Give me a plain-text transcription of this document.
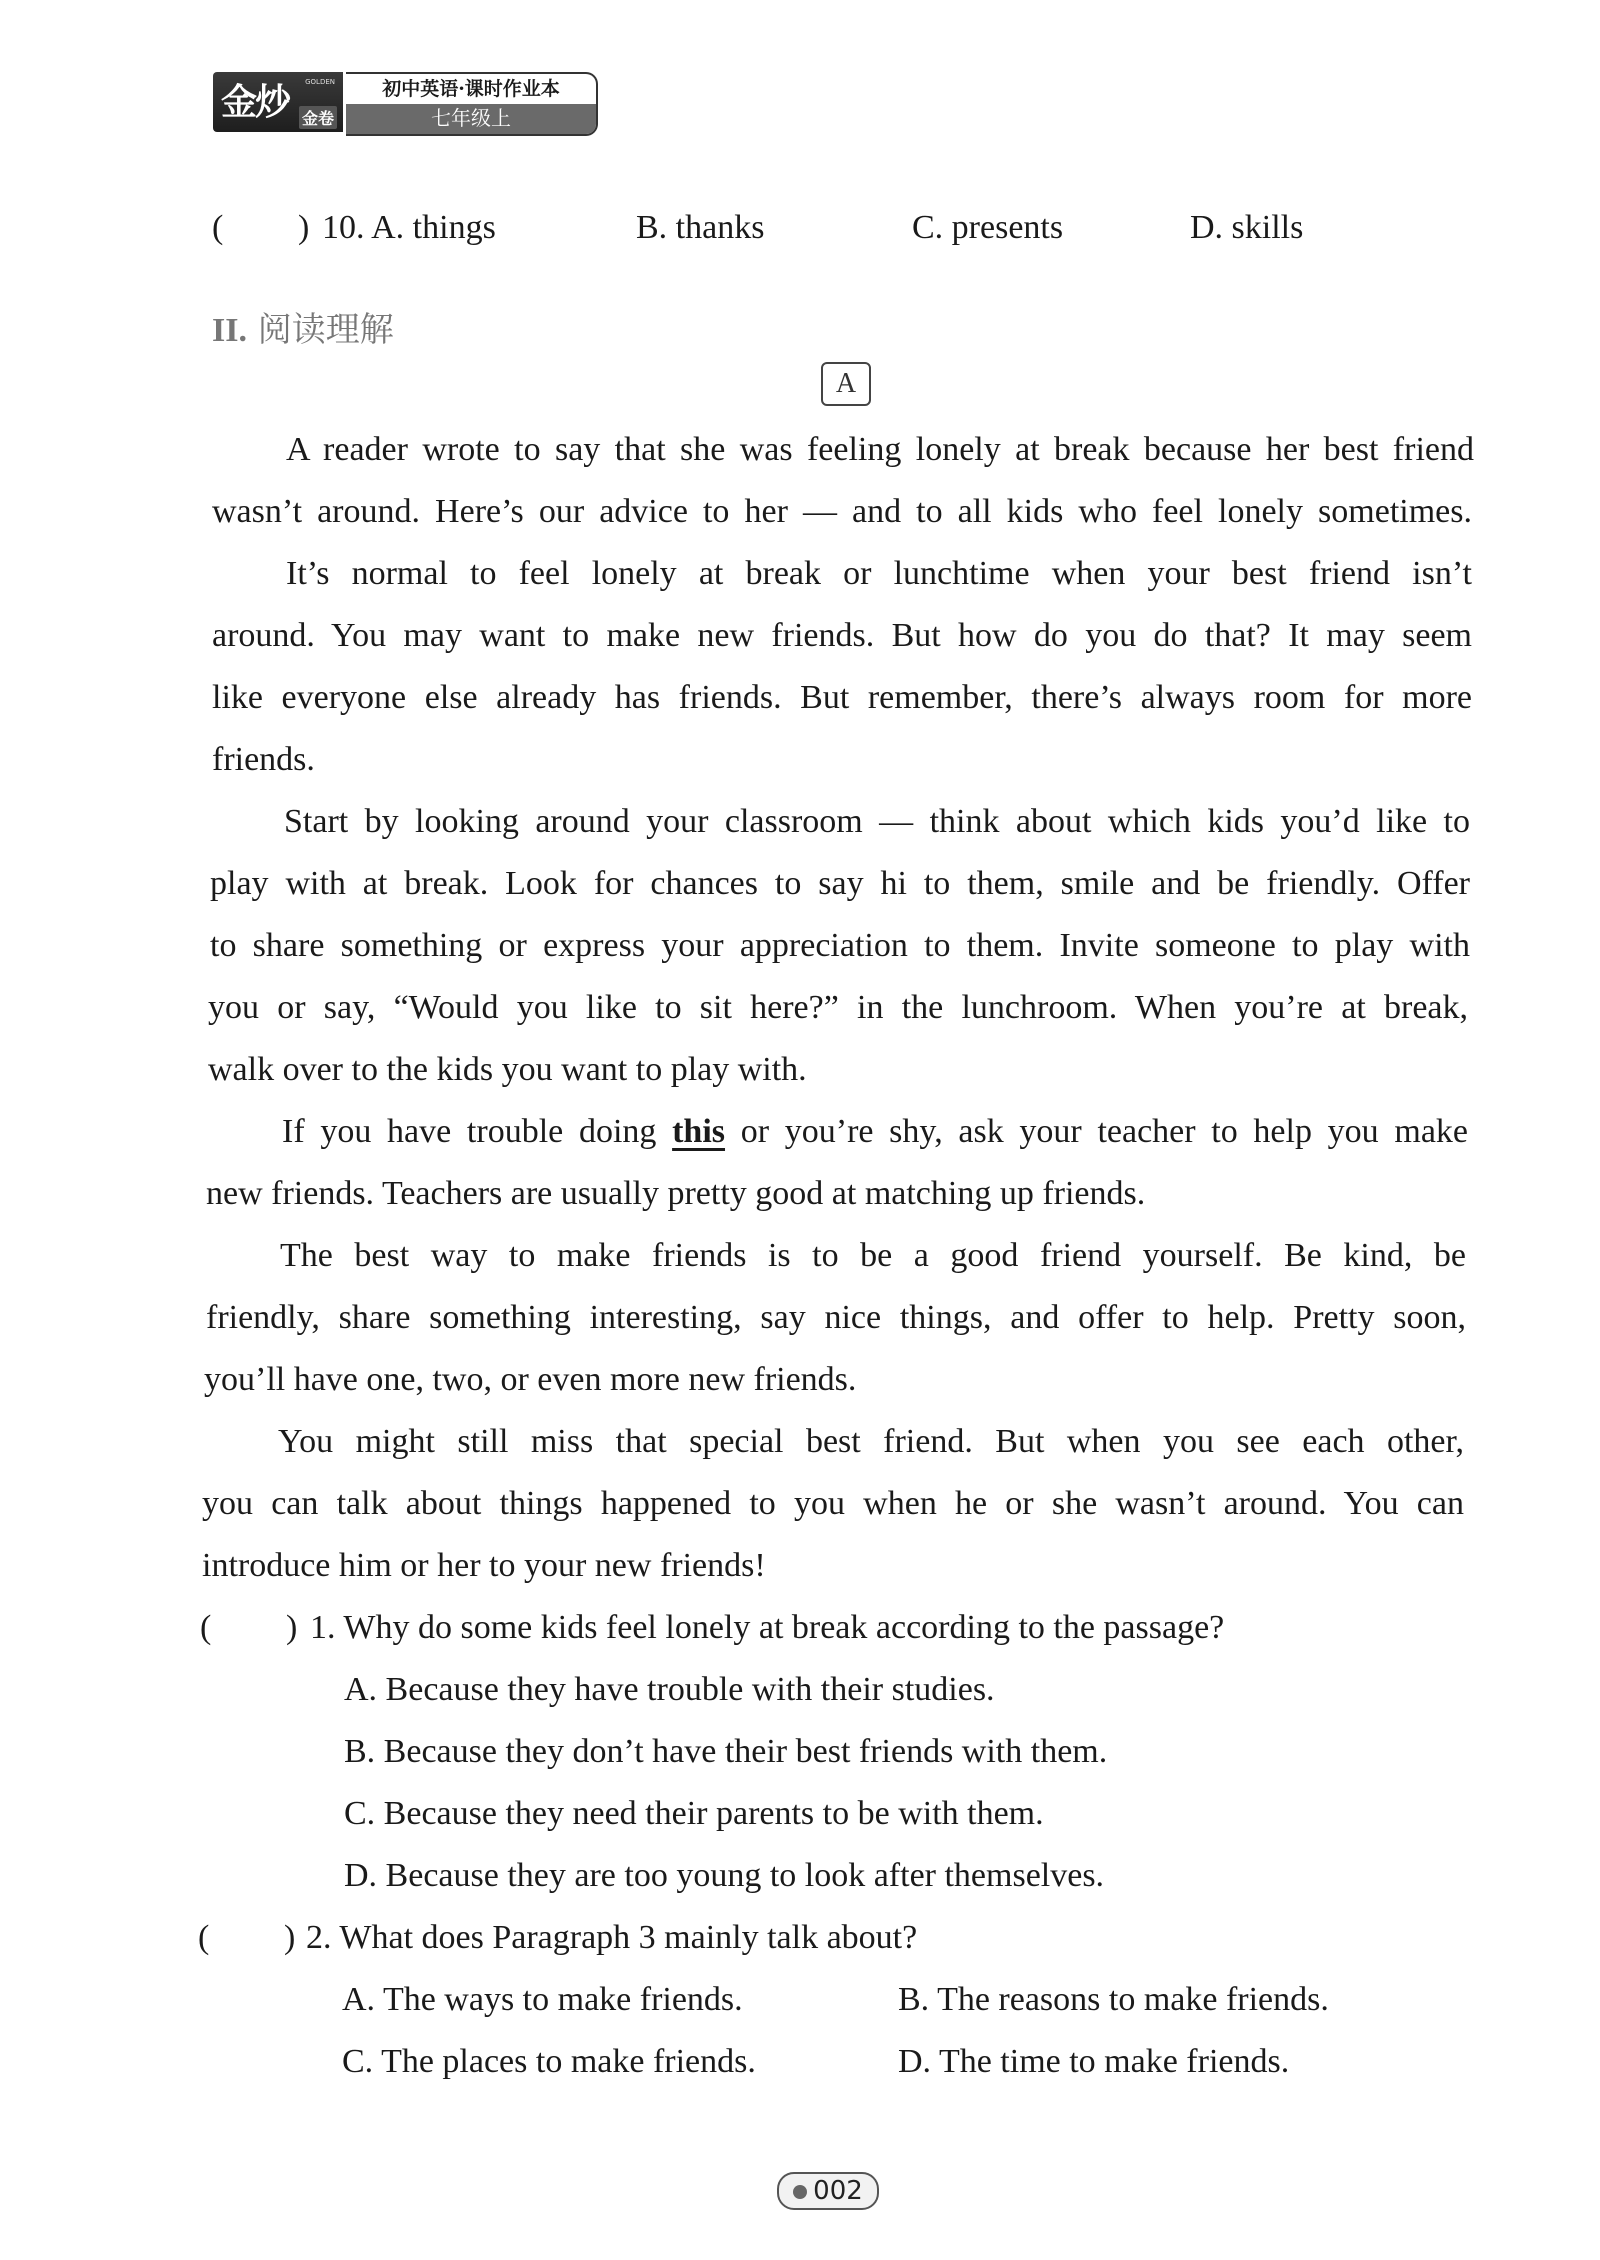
金炒 GOLDEN
金卷
初中英语·课时作业本
七年级上
( ) 10. A. things	B. thanks	C. presents	D. skills
II. 阅读理解
A
A reader wrote to say that she was feeling lonely at break because her best friend
wasn’t around. Here’s our advice to her — and to all kids who feel lonely sometimes.
It’s normal to feel lonely at break or lunchtime when your best friend isn’t
around. You may want to make new friends. But how do you do that? It may seem
like everyone else already has friends. But remember, there’s always room for more
friends.
Start by looking around your classroom — think about which kids you’d like to
play with at break. Look for chances to say hi to them, smile and be friendly. Offer
to share something or express your appreciation to them. Invite someone to play with
you or say, “Would you like to sit here?” in the lunchroom. When you’re at break,
walk over to the kids you want to play with.
If you have trouble doing this or you’re shy, ask your teacher to help you make
new friends. Teachers are usually pretty good at matching up friends.
The best way to make friends is to be a good friend yourself. Be kind, be
friendly, share something interesting, say nice things, and offer to help. Pretty soon,
you’ll have one, two, or even more new friends.
You might still miss that special best friend. But when you see each other,
you can talk about things happened to you when he or she wasn’t around. You can
introduce him or her to your new friends!
( ) 1. Why do some kids feel lonely at break according to the passage?
A. Because they have trouble with their studies.
B. Because they don’t have their best friends with them.
C. Because they need their parents to be with them.
D. Because they are too young to look after themselves.
( ) 2. What does Paragraph 3 mainly talk about?
A. The ways to make friends.	B. The reasons to make friends.
C. The places to make friends.	D. The time to make friends.
002
